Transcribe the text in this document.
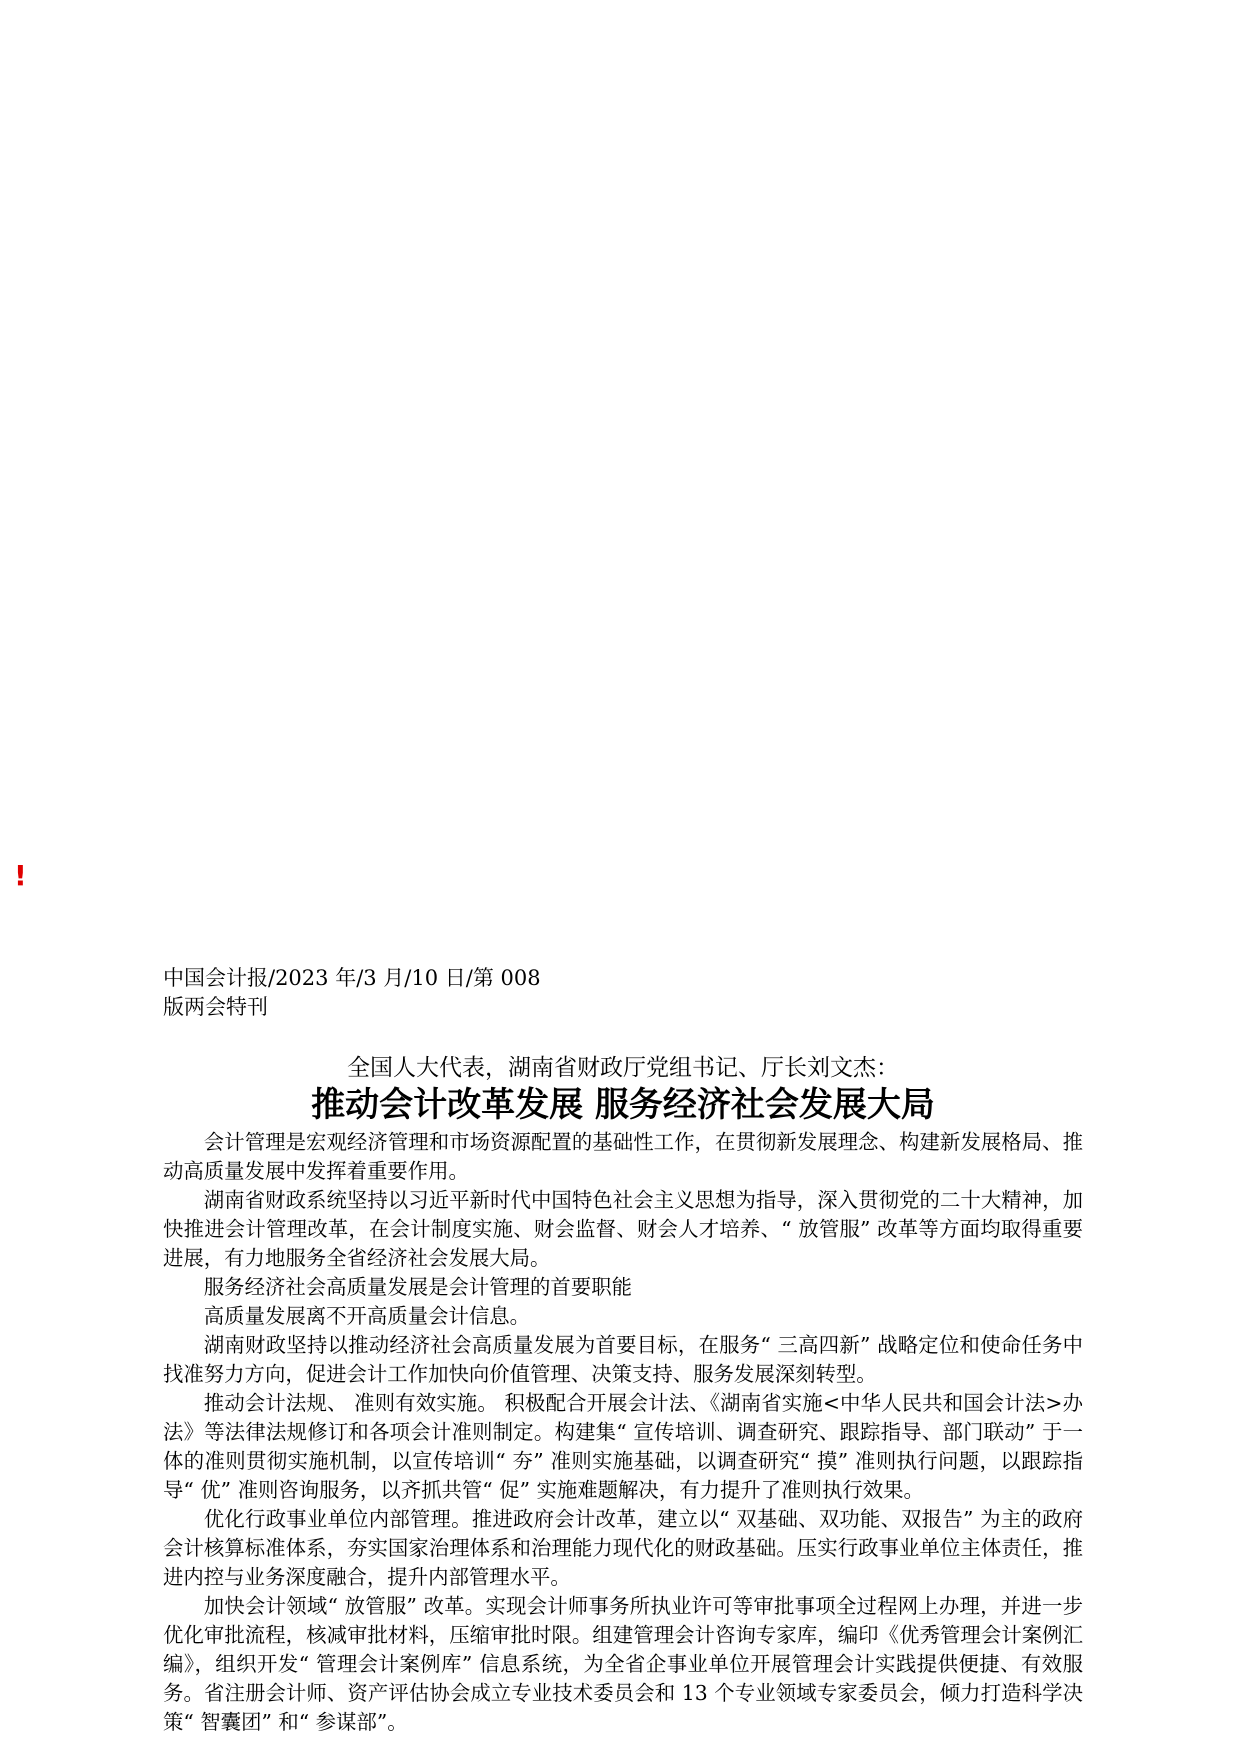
!
中国会计报/2023 年/3 月/10 日/第 008
版两会特刊

全国人大代表，湖南省财政厅党组书记、厅长刘文杰：

推动会计改革发展 服务经济社会发展大局

会计管理是宏观经济管理和市场资源配置的基础性工作，在贯彻新发展理念、构建新发展格局、推动高质量发展中发挥着重要作用。

湖南省财政系统坚持以习近平新时代中国特色社会主义思想为指导，深入贯彻党的二十大精神，加快推进会计管理改革，在会计制度实施、财会监督、财会人才培养、“ 放管服” 改革等方面均取得重要进展，有力地服务全省经济社会发展大局。

服务经济社会高质量发展是会计管理的首要职能

高质量发展离不开高质量会计信息。

湖南财政坚持以推动经济社会高质量发展为首要目标，在服务“ 三高四新” 战略定位和使命任务中找准努力方向，促进会计工作加快向价值管理、决策支持、服务发展深刻转型。

推动会计法规、 准则有效实施。 积极配合开展会计法、《湖南省实施<中华人民共和国会计法>办法》等法律法规修订和各项会计准则制定。构建集“ 宣传培训、调查研究、跟踪指导、部门联动” 于一体的准则贯彻实施机制，以宣传培训“ 夯” 准则实施基础，以调查研究“ 摸” 准则执行问题，以跟踪指导“ 优” 准则咨询服务，以齐抓共管“ 促” 实施难题解决，有力提升了准则执行效果。

优化行政事业单位内部管理。推进政府会计改革，建立以“ 双基础、双功能、双报告” 为主的政府会计核算标准体系，夯实国家治理体系和治理能力现代化的财政基础。压实行政事业单位主体责任，推进内控与业务深度融合，提升内部管理水平。

加快会计领域“ 放管服” 改革。实现会计师事务所执业许可等审批事项全过程网上办理，并进一步优化审批流程，核减审批材料，压缩审批时限。组建管理会计咨询专家库，编印《优秀管理会计案例汇编》，组织开发“ 管理会计案例库” 信息系统，为全省企事业单位开展管理会计实践提供便捷、有效服务。省注册会计师、资产评估协会成立专业技术委员会和 13 个专业领域专家委员会，倾力打造科学决策“ 智囊团” 和“ 参谋部”。
